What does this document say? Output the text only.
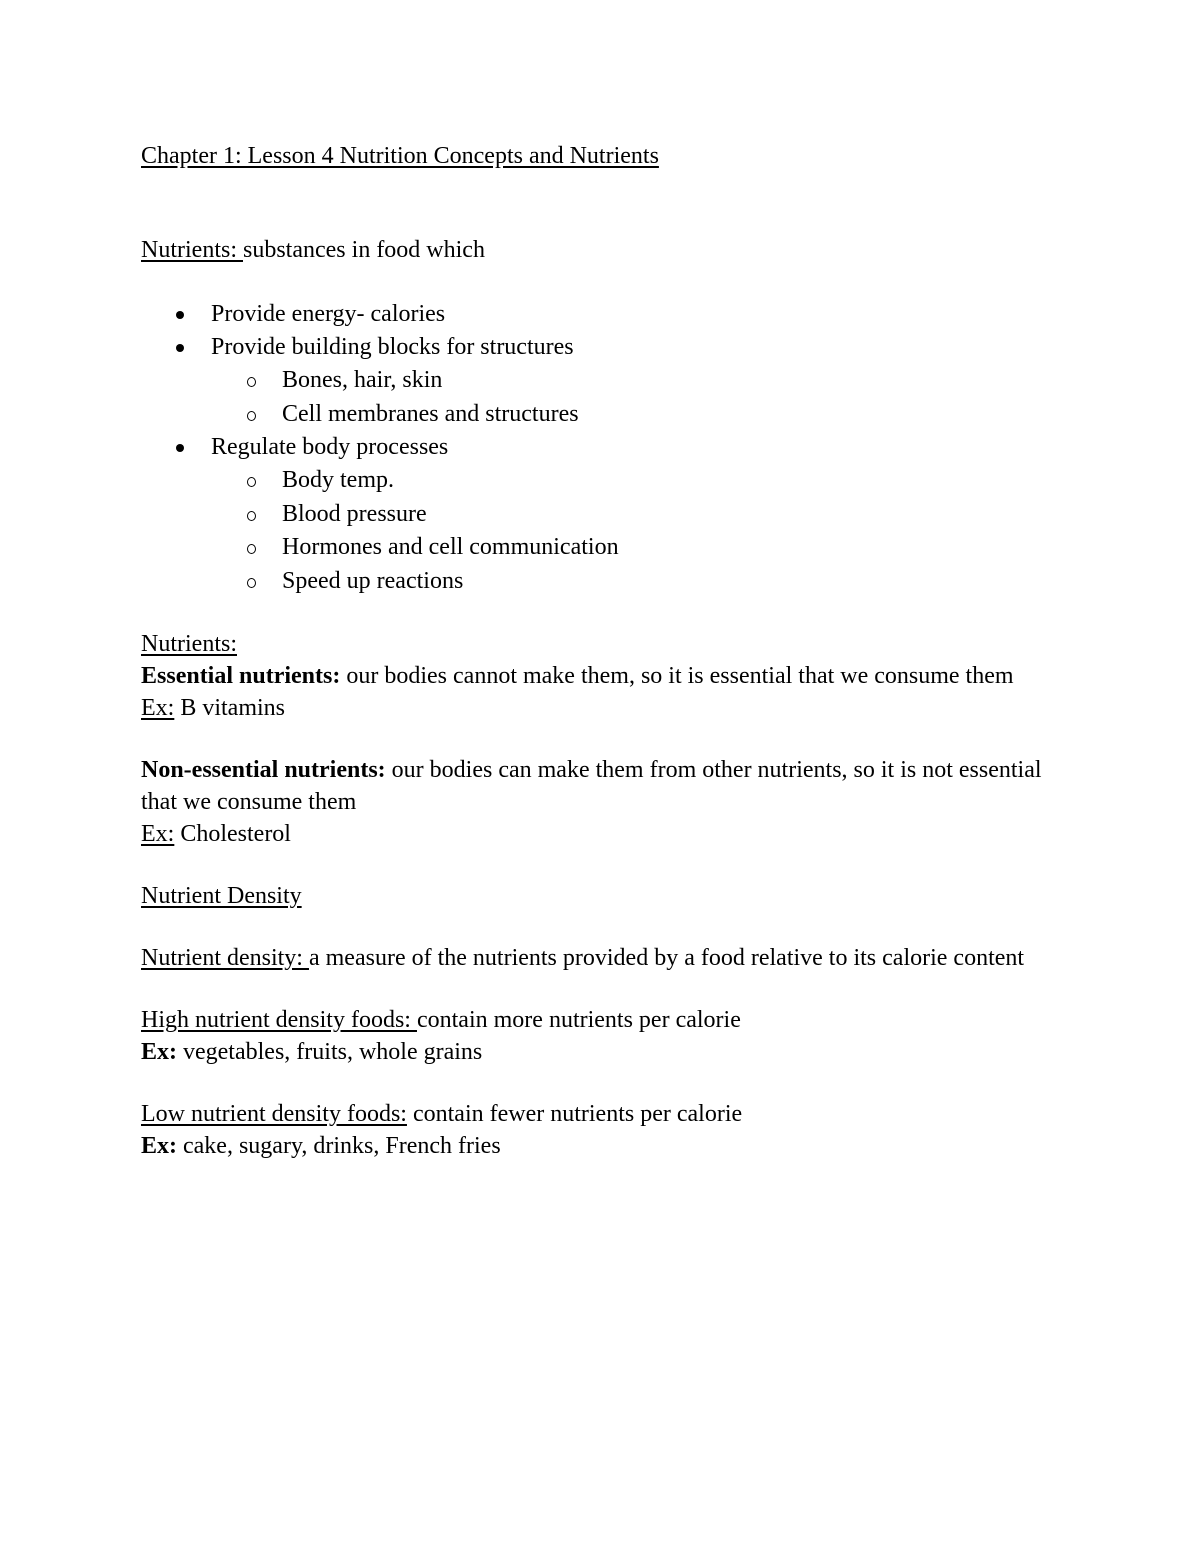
Chapter 1: Lesson 4 Nutrition Concepts and Nutrients

Nutrients: substances in food which

Provide energy- calories
Provide building blocks for structures
Bones, hair, skin
Cell membranes and structures
Regulate body processes
Body temp.
Blood pressure
Hormones and cell communication
Speed up reactions

Nutrients:

Essential nutrients: our bodies cannot make them, so it is essential that we consume them

Ex: B vitamins

Non-essential nutrients: our bodies can make them from other nutrients, so it is not essential that we consume them

Ex: Cholesterol

Nutrient Density

Nutrient density: a measure of the nutrients provided by a food relative to its calorie content

High nutrient density foods: contain more nutrients per calorie

Ex: vegetables, fruits, whole grains

Low nutrient density foods: contain fewer nutrients per calorie

Ex: cake, sugary, drinks, French fries
